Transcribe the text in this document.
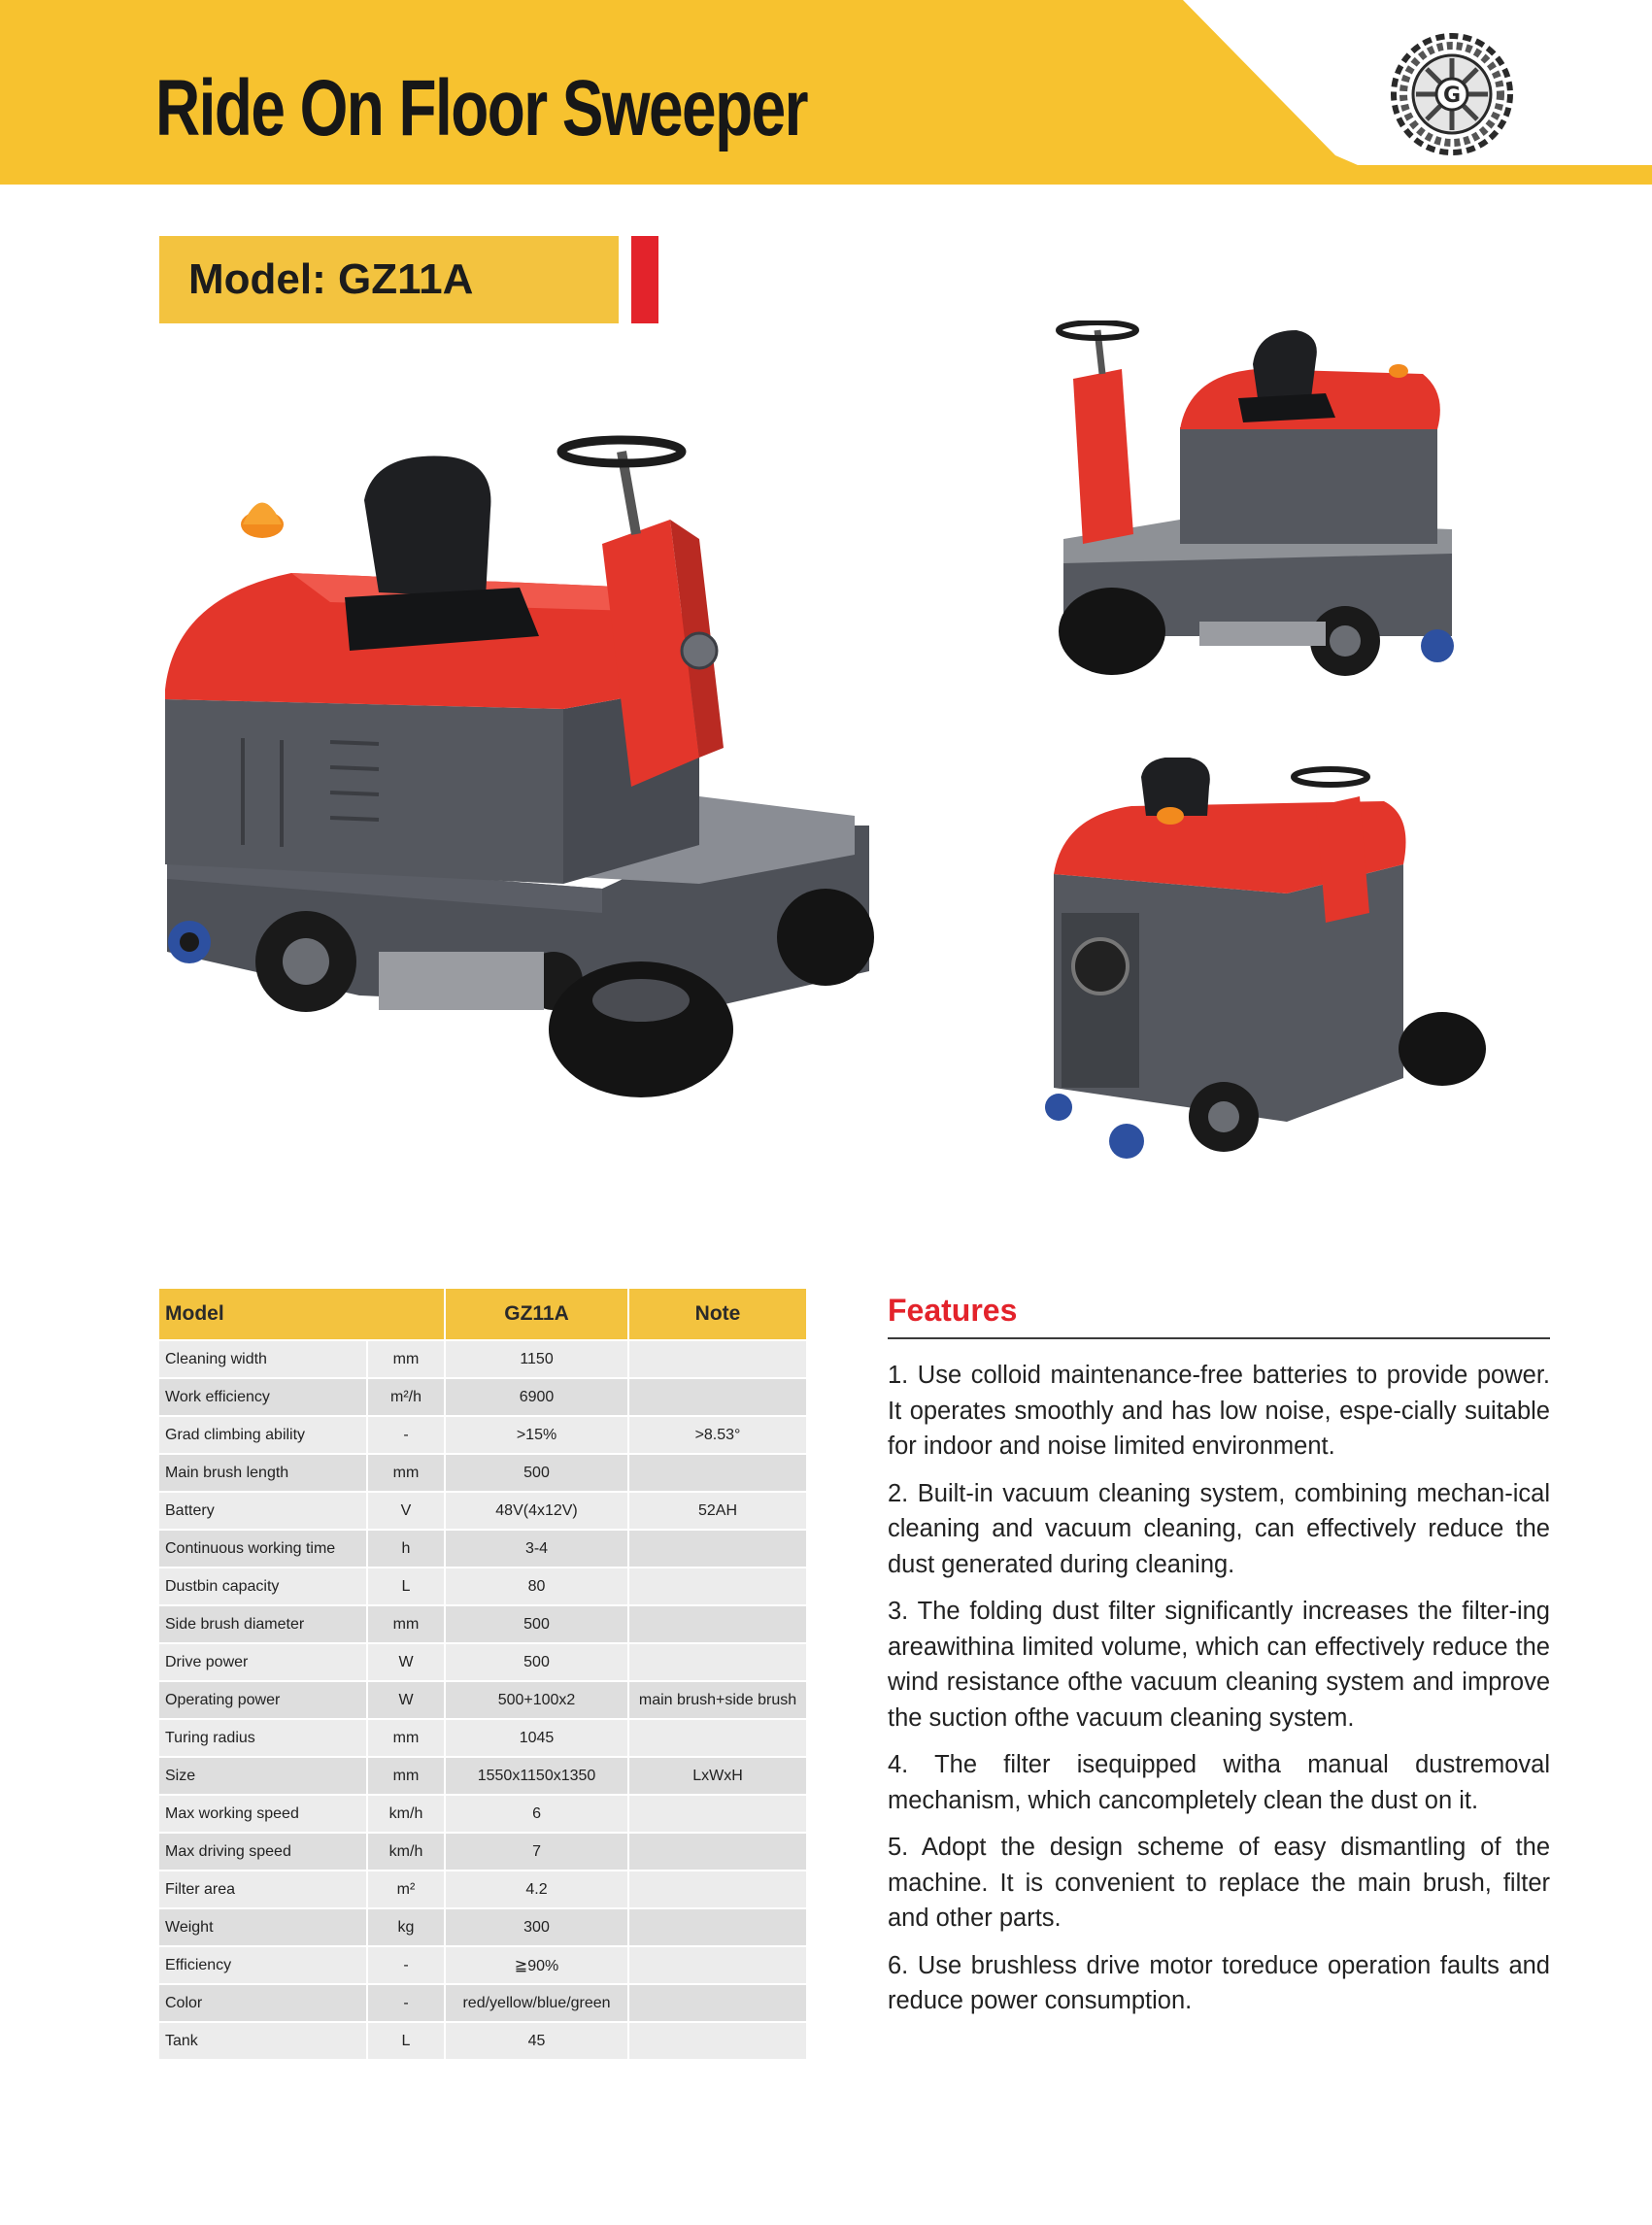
Ride On Floor Sweeper	G
Model: GZ11A
Model		GZ11A	Note
Cleaning width	mm	1150	
Work efficiency	m²/h	6900	
Grad climbing ability	-	>15%	>8.53°
Main brush length	mm	500	
Battery	V	48V(4x12V)	52AH
Continuous working time	h	3-4	
Dustbin capacity	L	80	
Side brush diameter	mm	500	
Drive power	W	500	
Operating power	W	500+100x2	main brush+side brush
Turing radius	mm	1045	
Size	mm	1550x1150x1350	LxWxH
Max working speed	km/h	6	
Max driving speed	km/h	7	
Filter area	m²	4.2	
Weight	kg	300	
Efficiency	-	≧90%	
Color	-	red/yellow/blue/green	
Tank	L	45	
Features
1. Use colloid maintenance-free batteries to provide power. It operates smoothly and has low noise, espe-cially suitable for indoor and noise limited environment.
2. Built-in vacuum cleaning system, combining mechan-ical cleaning and vacuum cleaning, can effectively reduce the dust generated during cleaning.
3. The folding dust filter significantly increases the filter-ing areawithina limited volume, which can effectively reduce the wind resistance ofthe vacuum cleaning system and improve the suction ofthe vacuum cleaning system.
4. The filter isequipped witha manual dustremoval mechanism, which cancompletely clean the dust on it.
5. Adopt the design scheme of easy dismantling of the machine. It is convenient to replace the main brush, filter and other parts.
6. Use brushless drive motor toreduce operation faults and reduce power consumption.
